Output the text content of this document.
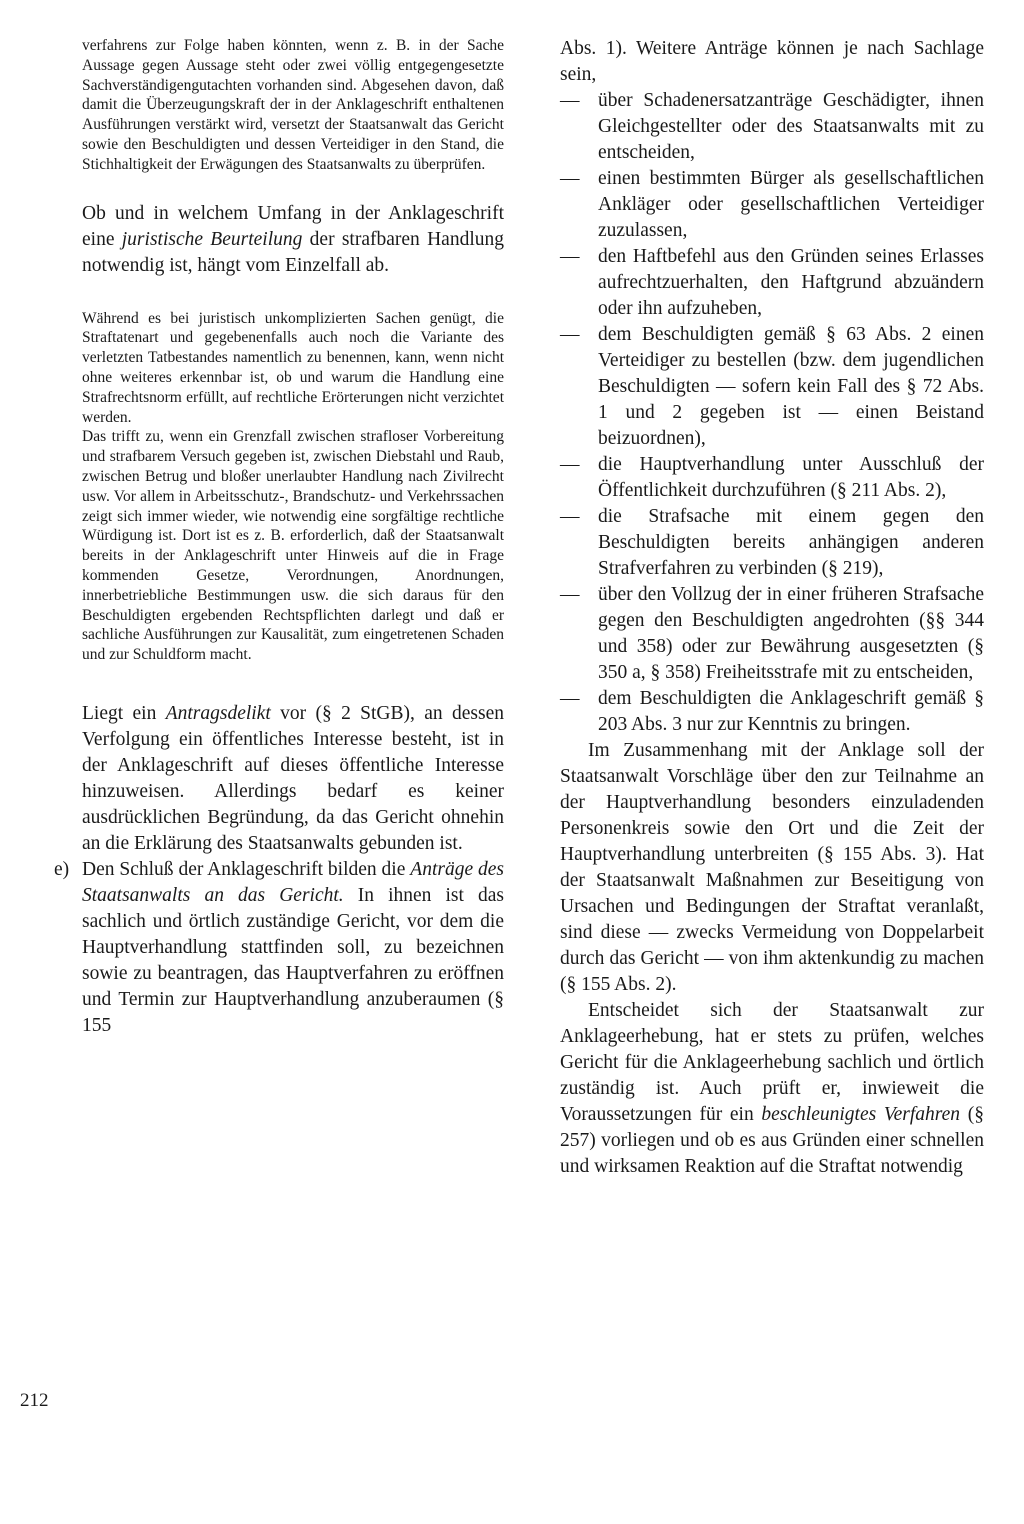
verfahrens zur Folge haben könnten, wenn z. B. in der Sache Aussage gegen Aussage steht oder zwei völlig entgegengesetzte Sachverständigengutachten vorhanden sind. Abgesehen davon, daß damit die Überzeugungskraft der in der Anklageschrift enthaltenen Ausführungen verstärkt wird, versetzt der Staatsanwalt das Gericht sowie den Beschuldigten und dessen Verteidiger in den Stand, die Stichhaltigkeit der Erwägungen des Staatsanwalts zu überprüfen.

Ob und in welchem Umfang in der Anklageschrift eine juristische Beurteilung der strafbaren Handlung notwendig ist, hängt vom Einzelfall ab.

Während es bei juristisch unkomplizierten Sachen genügt, die Straftatenart und gegebenenfalls auch noch die Variante des verletzten Tatbestandes namentlich zu benennen, kann, wenn nicht ohne weiteres erkennbar ist, ob und warum die Handlung eine Strafrechtsnorm erfüllt, auf rechtliche Erörterungen nicht verzichtet werden.

Das trifft zu, wenn ein Grenzfall zwischen strafloser Vorbereitung und strafbarem Versuch gegeben ist, zwischen Diebstahl und Raub, zwischen Betrug und bloßer unerlaubter Handlung nach Zivilrecht usw. Vor allem in Arbeitsschutz-, Brandschutz- und Verkehrssachen zeigt sich immer wieder, wie notwendig eine sorgfältige rechtliche Würdigung ist. Dort ist es z. B. erforderlich, daß der Staatsanwalt bereits in der Anklageschrift unter Hinweis auf die in Frage kommenden Gesetze, Verordnungen, Anordnungen, innerbetriebliche Bestimmungen usw. die sich daraus für den Beschuldigten ergebenden Rechtspflichten darlegt und daß er sachliche Ausführungen zur Kausalität, zum eingetretenen Schaden und zur Schuldform macht.

Liegt ein Antragsdelikt vor (§ 2 StGB), an dessen Verfolgung ein öffentliches Interesse besteht, ist in der Anklageschrift auf dieses öffentliche Interesse hinzuweisen. Allerdings bedarf es keiner ausdrücklichen Begründung, da das Gericht ohnehin an die Erklärung des Staatsanwalts gebunden ist.

e) Den Schluß der Anklageschrift bilden die Anträge des Staatsanwalts an das Gericht. In ihnen ist das sachlich und örtlich zuständige Gericht, vor dem die Hauptverhandlung stattfinden soll, zu bezeichnen sowie zu beantragen, das Hauptverfahren zu eröffnen und Termin zur Hauptverhandlung anzuberaumen (§ 155

Abs. 1). Weitere Anträge können je nach Sachlage sein,

— über Schadenersatzanträge Geschädigter, ihnen Gleichgestellter oder des Staatsanwalts mit zu entscheiden,
— einen bestimmten Bürger als gesellschaftlichen Ankläger oder gesellschaftlichen Verteidiger zuzulassen,
— den Haftbefehl aus den Gründen seines Erlasses aufrechtzuerhalten, den Haftgrund abzuändern oder ihn aufzuheben,
— dem Beschuldigten gemäß § 63 Abs. 2 einen Verteidiger zu bestellen (bzw. dem jugendlichen Beschuldigten — sofern kein Fall des § 72 Abs. 1 und 2 gegeben ist — einen Beistand beizuordnen),
— die Hauptverhandlung unter Ausschluß der Öffentlichkeit durchzuführen (§ 211 Abs. 2),
— die Strafsache mit einem gegen den Beschuldigten bereits anhängigen anderen Strafverfahren zu verbinden (§ 219),
— über den Vollzug der in einer früheren Strafsache gegen den Beschuldigten angedrohten (§§ 344 und 358) oder zur Bewährung ausgesetzten (§ 350 a, § 358) Freiheitsstrafe mit zu entscheiden,
— dem Beschuldigten die Anklageschrift gemäß § 203 Abs. 3 nur zur Kenntnis zu bringen.

Im Zusammenhang mit der Anklage soll der Staatsanwalt Vorschläge über den zur Teilnahme an der Hauptverhandlung besonders einzuladenden Personenkreis sowie den Ort und die Zeit der Hauptverhandlung unterbreiten (§ 155 Abs. 3). Hat der Staatsanwalt Maßnahmen zur Beseitigung von Ursachen und Bedingungen der Straftat veranlaßt, sind diese — zwecks Vermeidung von Doppelarbeit durch das Gericht — von ihm aktenkundig zu machen (§ 155 Abs. 2).

Entscheidet sich der Staatsanwalt zur Anklageerhebung, hat er stets zu prüfen, welches Gericht für die Anklageerhebung sachlich und örtlich zuständig ist. Auch prüft er, inwieweit die Voraussetzungen für ein beschleunigtes Verfahren (§ 257) vorliegen und ob es aus Gründen einer schnellen und wirksamen Reaktion auf die Straftat notwendig

212
